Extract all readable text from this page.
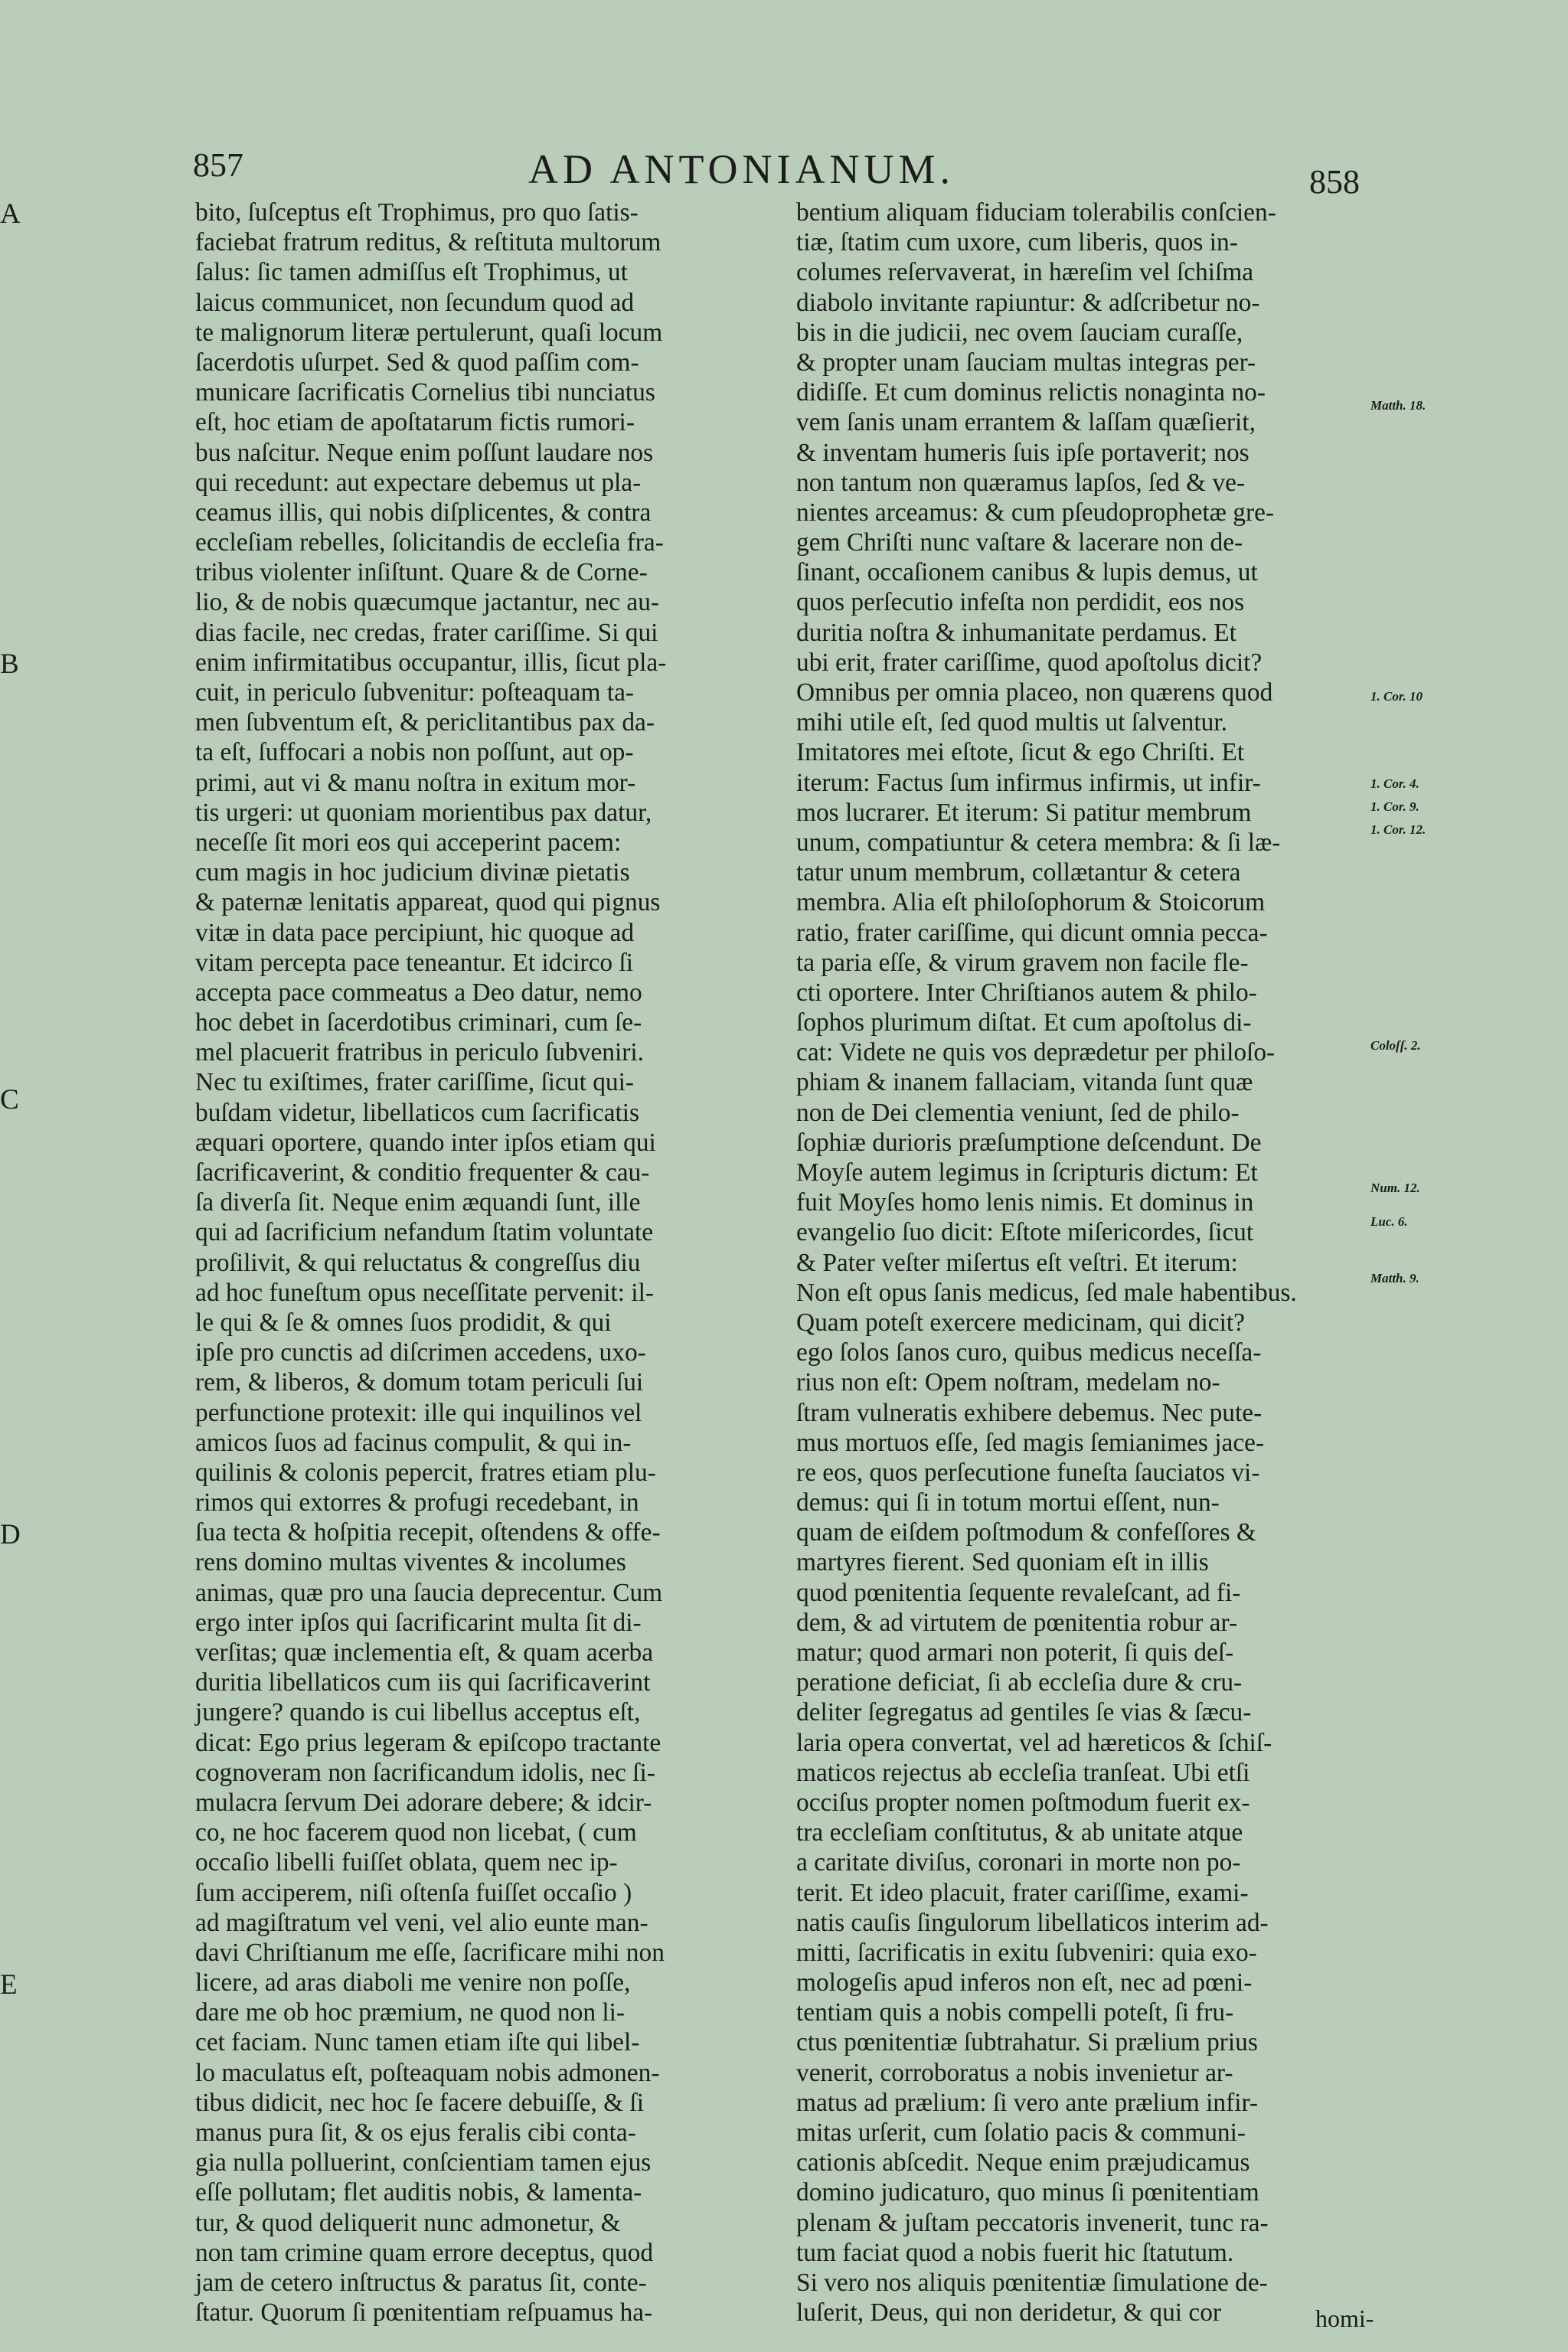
857	AD ANTONIANUM.	858
bito, ſuſceptus eſt Trophimus, pro quo ſatis-
faciebat fratrum reditus, & reſtituta multorum
ſalus: ſic tamen admiſſus eſt Trophimus, ut
laicus communicet, non ſecundum quod ad
te malignorum literæ pertulerunt, quaſi locum
ſacerdotis uſurpet. Sed & quod paſſim com-
municare ſacrificatis Cornelius tibi nunciatus
eſt, hoc etiam de apoſtatarum fictis rumori-
bus naſcitur. Neque enim poſſunt laudare nos
qui recedunt: aut expectare debemus ut pla-
ceamus illis, qui nobis diſplicentes, & contra
eccleſiam rebelles, ſolicitandis de eccleſia fra-
tribus violenter inſiſtunt. Quare & de Corne-
lio, & de nobis quæcumque jactantur, nec au-
dias facile, nec credas, frater cariſſime. Si qui
enim infirmitatibus occupantur, illis, ſicut pla-
cuit, in periculo ſubvenitur: poſteaquam ta-
men ſubventum eſt, & periclitantibus pax da-
ta eſt, ſuffocari a nobis non poſſunt, aut op-
primi, aut vi & manu noſtra in exitum mor-
tis urgeri: ut quoniam morientibus pax datur,
neceſſe ſit mori eos qui acceperint pacem:
cum magis in hoc judicium divinæ pietatis
& paternæ lenitatis appareat, quod qui pignus
vitæ in data pace percipiunt, hic quoque ad
vitam percepta pace teneantur. Et idcirco ſi
accepta pace commeatus a Deo datur, nemo
hoc debet in ſacerdotibus criminari, cum ſe-
mel placuerit fratribus in periculo ſubveniri.
Nec tu exiſtimes, frater cariſſime, ſicut qui-
buſdam videtur, libellaticos cum ſacrificatis
æquari oportere, quando inter ipſos etiam qui
ſacrificaverint, & conditio frequenter & cau-
ſa diverſa ſit. Neque enim æquandi ſunt, ille
qui ad ſacrificium nefandum ſtatim voluntate
proſilivit, & qui reluctatus & congreſſus diu
ad hoc funeſtum opus neceſſitate pervenit: il-
le qui & ſe & omnes ſuos prodidit, & qui
ipſe pro cunctis ad diſcrimen accedens, uxo-
rem, & liberos, & domum totam periculi ſui
perfunctione protexit: ille qui inquilinos vel
amicos ſuos ad facinus compulit, & qui in-
quilinis & colonis pepercit, fratres etiam plu-
rimos qui extorres & profugi recedebant, in
ſua tecta & hoſpitia recepit, oſtendens & offe-
rens domino multas viventes & incolumes
animas, quæ pro una ſaucia deprecentur. Cum
ergo inter ipſos qui ſacrificarint multa ſit di-
verſitas; quæ inclementia eſt, & quam acerba
duritia libellaticos cum iis qui ſacrificaverint
jungere? quando is cui libellus acceptus eſt,
dicat: Ego prius legeram & epiſcopo tractante
cognoveram non ſacrificandum idolis, nec ſi-
mulacra ſervum Dei adorare debere; & idcir-
co, ne hoc facerem quod non licebat, ( cum
occaſio libelli fuiſſet oblata, quem nec ip-
ſum acciperem, niſi oſtenſa fuiſſet occaſio )
ad magiſtratum vel veni, vel alio eunte man-
davi Chriſtianum me eſſe, ſacrificare mihi non
licere, ad aras diaboli me venire non poſſe,
dare me ob hoc præmium, ne quod non li-
cet faciam. Nunc tamen etiam iſte qui libel-
lo maculatus eſt, poſteaquam nobis admonen-
tibus didicit, nec hoc ſe facere debuiſſe, & ſi
manus pura ſit, & os ejus feralis cibi conta-
gia nulla polluerint, conſcientiam tamen ejus
eſſe pollutam; flet auditis nobis, & lamenta-
tur, & quod deliquerit nunc admonetur, &
non tam crimine quam errore deceptus, quod
jam de cetero inſtructus & paratus ſit, conte-
ſtatur. Quorum ſi pœnitentiam reſpuamus ha-
bentium aliquam fiduciam tolerabilis conſcien-
tiæ, ſtatim cum uxore, cum liberis, quos in-
columes reſervaverat, in hæreſim vel ſchiſma
diabolo invitante rapiuntur: & adſcribetur no-
bis in die judicii, nec ovem ſauciam curaſſe,
& propter unam ſauciam multas integras per-
didiſſe. Et cum dominus relictis nonaginta no-
vem ſanis unam errantem & laſſam quæſierit,
& inventam humeris ſuis ipſe portaverit; nos
non tantum non quæramus lapſos, ſed & ve-
nientes arceamus: & cum pſeudoprophetæ gre-
gem Chriſti nunc vaſtare & lacerare non de-
ſinant, occaſionem canibus & lupis demus, ut
quos perſecutio infeſta non perdidit, eos nos
duritia noſtra & inhumanitate perdamus. Et
ubi erit, frater cariſſime, quod apoſtolus dicit?
Omnibus per omnia placeo, non quærens quod
mihi utile eſt, ſed quod multis ut ſalventur.
Imitatores mei eſtote, ſicut & ego Chriſti. Et
iterum: Factus ſum infirmus infirmis, ut infir-
mos lucrarer. Et iterum: Si patitur membrum
unum, compatiuntur & cetera membra: & ſi læ-
tatur unum membrum, collætantur & cetera
membra. Alia eſt philoſophorum & Stoicorum
ratio, frater cariſſime, qui dicunt omnia pecca-
ta paria eſſe, & virum gravem non facile fle-
cti oportere. Inter Chriſtianos autem & philo-
ſophos plurimum diſtat. Et cum apoſtolus di-
cat: Videte ne quis vos deprædetur per philoſo-
phiam & inanem fallaciam, vitanda ſunt quæ
non de Dei clementia veniunt, ſed de philo-
ſophiæ durioris præſumptione deſcendunt. De
Moyſe autem legimus in ſcripturis dictum: Et
fuit Moyſes homo lenis nimis. Et dominus in
evangelio ſuo dicit: Eſtote miſericordes, ſicut
& Pater veſter miſertus eſt veſtri. Et iterum:
Non eſt opus ſanis medicus, ſed male habentibus.
Quam poteſt exercere medicinam, qui dicit?
ego ſolos ſanos curo, quibus medicus neceſſa-
rius non eſt: Opem noſtram, medelam no-
ſtram vulneratis exhibere debemus. Nec pute-
mus mortuos eſſe, ſed magis ſemianimes jace-
re eos, quos perſecutione funeſta ſauciatos vi-
demus: qui ſi in totum mortui eſſent, nun-
quam de eiſdem poſtmodum & confeſſores &
martyres fierent. Sed quoniam eſt in illis
quod pœnitentia ſequente revaleſcant, ad fi-
dem, & ad virtutem de pœnitentia robur ar-
matur; quod armari non poterit, ſi quis deſ-
peratione deficiat, ſi ab eccleſia dure & cru-
deliter ſegregatus ad gentiles ſe vias & ſæcu-
laria opera convertat, vel ad hæreticos & ſchiſ-
maticos rejectus ab eccleſia tranſeat. Ubi etſi
occiſus propter nomen poſtmodum fuerit ex-
tra eccleſiam conſtitutus, & ab unitate atque
a caritate diviſus, coronari in morte non po-
terit. Et ideo placuit, frater cariſſime, exami-
natis cauſis ſingulorum libellaticos interim ad-
mitti, ſacrificatis in exitu ſubveniri: quia exo-
mologeſis apud inferos non eſt, nec ad pœni-
tentiam quis a nobis compelli poteſt, ſi fru-
ctus pœnitentiæ ſubtrahatur. Si prælium prius
venerit, corroboratus a nobis invenietur ar-
matus ad prælium: ſi vero ante prælium infir-
mitas urſerit, cum ſolatio pacis & communi-
cationis abſcedit. Neque enim præjudicamus
domino judicaturo, quo minus ſi pœnitentiam
plenam & juſtam peccatoris invenerit, tunc ra-
tum faciat quod a nobis fuerit hic ſtatutum.
Si vero nos aliquis pœnitentiæ ſimulatione de-
luſerit, Deus, qui non deridetur, & qui cor
A
B
C
D
E
Matth. 18.
1. Cor. 10
1. Cor. 4.
1. Cor. 9.
1. Cor. 12.
Coloſſ. 2.
Num. 12.
Luc. 6.
Matth. 9.
homi-
